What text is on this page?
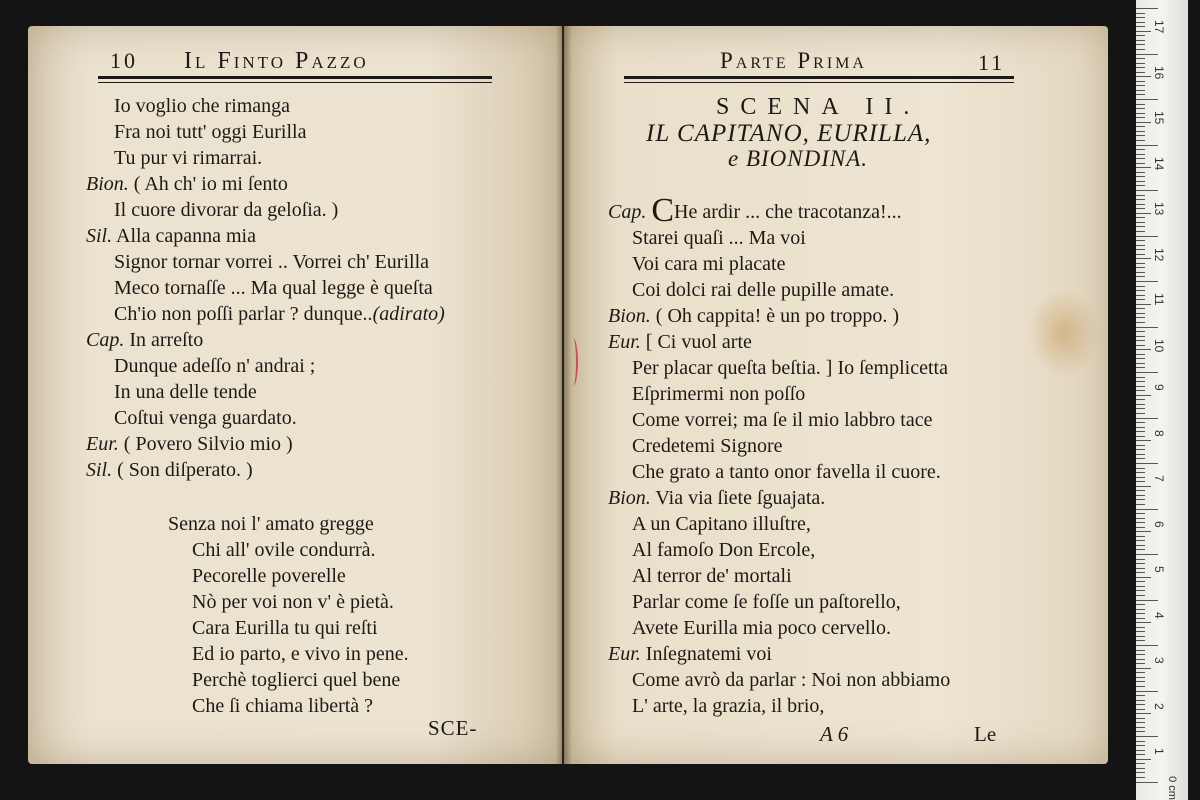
10 Il Finto Pazzo
Io voglio che rimanga
Fra noi tutt' oggi Eurilla
Tu pur vi rimarrai.
Bion. ( Ah ch' io mi ſento
Il cuore divorar da geloſia. )
Sil. Alla capanna mia
Signor tornar vorrei .. Vorrei ch' Eurilla
Meco tornaſſe ... Ma qual legge è queſta
Ch'io non poſſi parlar ? dunque..(adirato)
Cap. In arreſto
Dunque adeſſo n' andrai ;
In una delle tende
Coſtui venga guardato.
Eur. ( Povero Silvio mio )
Sil. ( Son diſperato. )
Senza noi l' amato gregge
Chi all' ovile condurrà.
Pecorelle poverelle
Nò per voi non v' è pietà.
Cara Eurilla tu qui reſti
Ed io parto, e vivo in pene.
Perchè toglierci quel bene
Che ſi chiama libertà ?
SCE-
Parte Prima	11
SCENA II.
IL CAPITANO, EURILLA,
e BIONDINA.
Cap. CHe ardir ... che tracotanza!...
Starei quaſi ... Ma voi
Voi cara mi placate
Coi dolci rai delle pupille amate.
Bion. ( Oh cappita! è un po troppo. )
Eur. [ Ci vuol arte
Per placar queſta beſtia. ] Io ſemplicetta
Eſprimermi non poſſo
Come vorrei; ma ſe il mio labbro tace
Credetemi Signore
Che grato a tanto onor favella il cuore.
Bion. Via via ſiete ſguajata.
A un Capitano illuſtre,
Al famoſo Don Ercole,
Al terror de' mortali
Parlar come ſe foſſe un paſtorello,
Avete Eurilla mia poco cervello.
Eur. Inſegnatemi voi
Come avrò da parlar : Noi non abbiamo
L' arte, la grazia, il brio,
A 6	Le
17
16
15
14
13
12
11
10
9
8
7
6
5
4
3
2
1
0 cm
